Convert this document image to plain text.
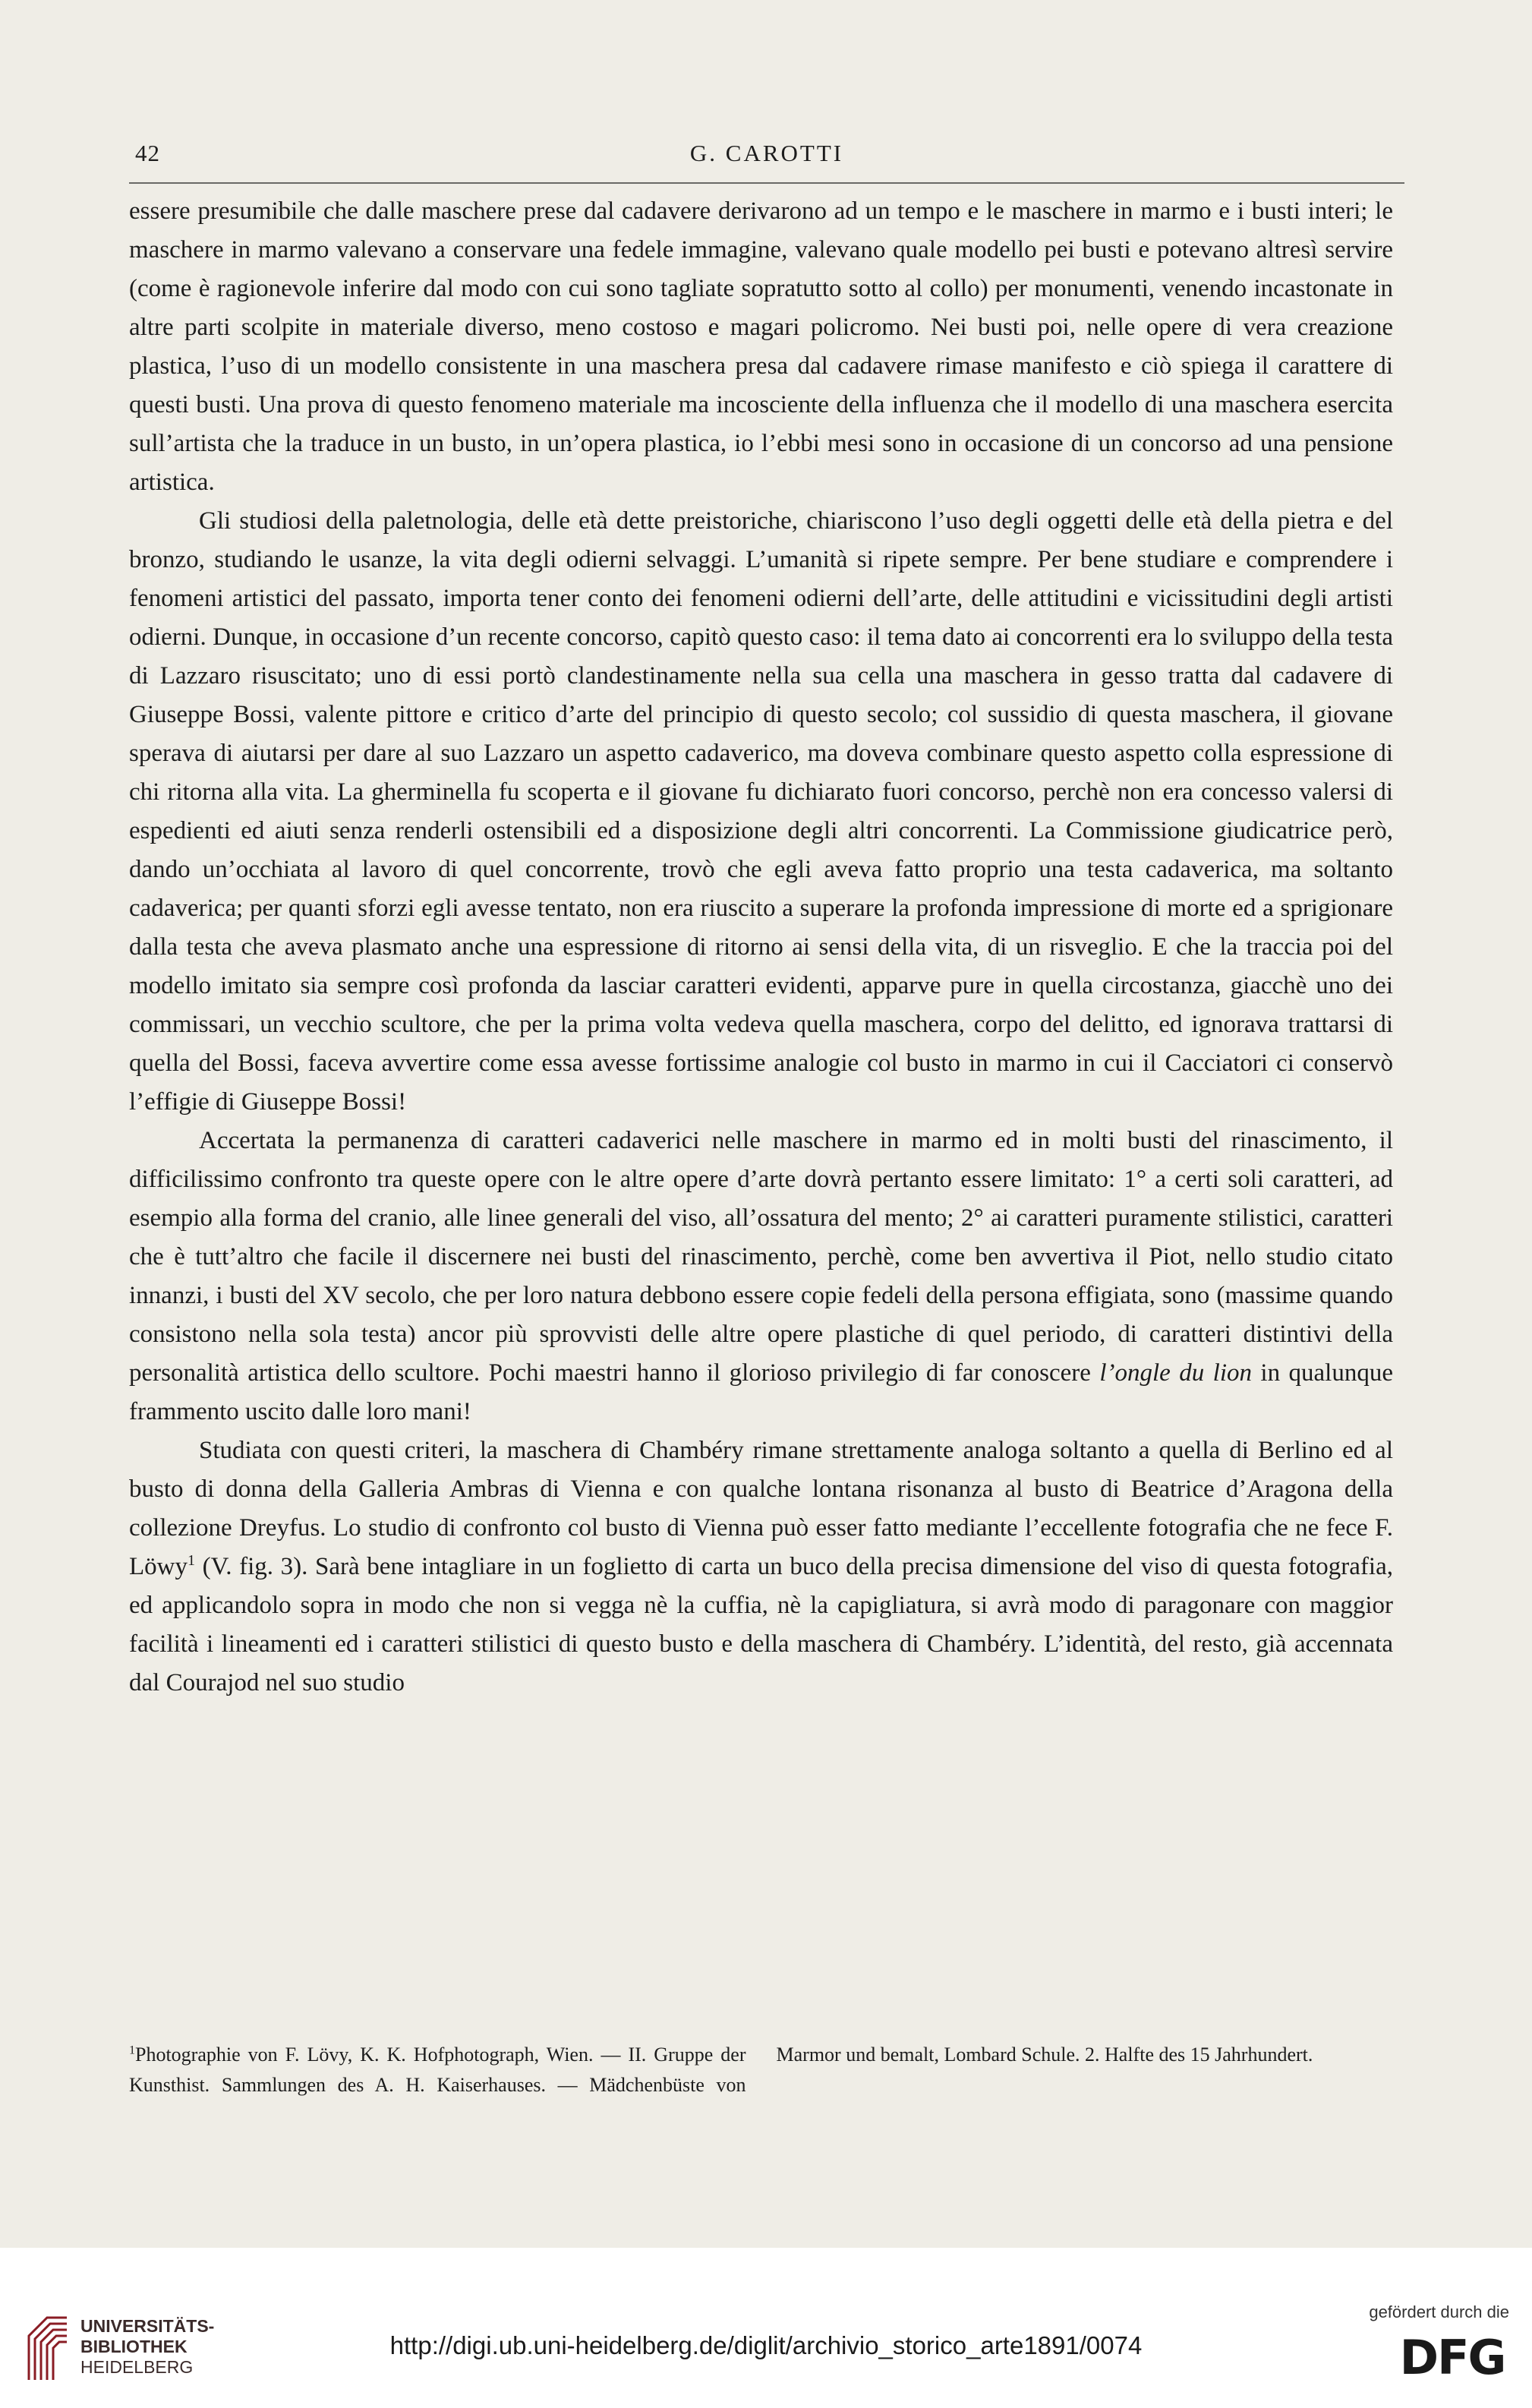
42	G. CAROTTI

essere presumibile che dalle maschere prese dal cadavere derivarono ad un tempo e le maschere in marmo e i busti interi; le maschere in marmo valevano a conservare una fedele immagine, valevano quale modello pei busti e potevano altresì servire (come è ragionevole inferire dal modo con cui sono tagliate sopratutto sotto al collo) per monumenti, venendo incastonate in altre parti scolpite in materiale diverso, meno costoso e magari policromo. Nei busti poi, nelle opere di vera creazione plastica, l’uso di un modello consistente in una maschera presa dal cadavere rimase manifesto e ciò spiega il carattere di questi busti. Una prova di questo fenomeno materiale ma incosciente della influenza che il modello di una maschera esercita sull’artista che la traduce in un busto, in un’opera plastica, io l’ebbi mesi sono in occasione di un concorso ad una pensione artistica.

Gli studiosi della paletnologia, delle età dette preistoriche, chiariscono l’uso degli oggetti delle età della pietra e del bronzo, studiando le usanze, la vita degli odierni selvaggi. L’umanità si ripete sempre. Per bene studiare e comprendere i fenomeni artistici del passato, importa tener conto dei fenomeni odierni dell’arte, delle attitudini e vicissitudini degli artisti odierni. Dunque, in occasione d’un recente concorso, capitò questo caso: il tema dato ai concorrenti era lo sviluppo della testa di Lazzaro risuscitato; uno di essi portò clandestinamente nella sua cella una maschera in gesso tratta dal cadavere di Giuseppe Bossi, valente pittore e critico d’arte del principio di questo secolo; col sussidio di questa maschera, il giovane sperava di aiutarsi per dare al suo Lazzaro un aspetto cadaverico, ma doveva combinare questo aspetto colla espressione di chi ritorna alla vita. La gherminella fu scoperta e il giovane fu dichiarato fuori concorso, perchè non era concesso valersi di espedienti ed aiuti senza renderli ostensibili ed a disposizione degli altri concorrenti. La Commissione giudicatrice però, dando un’occhiata al lavoro di quel concorrente, trovò che egli aveva fatto proprio una testa cadaverica, ma soltanto cadaverica; per quanti sforzi egli avesse tentato, non era riuscito a superare la profonda impressione di morte ed a sprigionare dalla testa che aveva plasmato anche una espressione di ritorno ai sensi della vita, di un risveglio. E che la traccia poi del modello imitato sia sempre così profonda da lasciar caratteri evidenti, apparve pure in quella circostanza, giacchè uno dei commissari, un vecchio scultore, che per la prima volta vedeva quella maschera, corpo del delitto, ed ignorava trattarsi di quella del Bossi, faceva avvertire come essa avesse fortissime analogie col busto in marmo in cui il Cacciatori ci conservò l’effigie di Giuseppe Bossi!

Accertata la permanenza di caratteri cadaverici nelle maschere in marmo ed in molti busti del rinascimento, il difficilissimo confronto tra queste opere con le altre opere d’arte dovrà pertanto essere limitato: 1° a certi soli caratteri, ad esempio alla forma del cranio, alle linee generali del viso, all’ossatura del mento; 2° ai caratteri puramente stilistici, caratteri che è tutt’altro che facile il discernere nei busti del rinascimento, perchè, come ben avvertiva il Piot, nello studio citato innanzi, i busti del XV secolo, che per loro natura debbono essere copie fedeli della persona effigiata, sono (massime quando consistono nella sola testa) ancor più sprovvisti delle altre opere plastiche di quel periodo, di caratteri distintivi della personalità artistica dello scultore. Pochi maestri hanno il glorioso privilegio di far conoscere l’ongle du lion in qualunque frammento uscito dalle loro mani!

Studiata con questi criteri, la maschera di Chambéry rimane strettamente analoga soltanto a quella di Berlino ed al busto di donna della Galleria Ambras di Vienna e con qualche lontana risonanza al busto di Beatrice d’Aragona della collezione Dreyfus. Lo studio di confronto col busto di Vienna può esser fatto mediante l’eccellente fotografia che ne fece F. Löwy$^1$ (V. fig. 3). Sarà bene intagliare in un foglietto di carta un buco della precisa dimensione del viso di questa fotografia, ed applicandolo sopra in modo che non si vegga nè la cuffia, nè la capigliatura, si avrà modo di paragonare con maggior facilità i lineamenti ed i caratteri stilistici di questo busto e della maschera di Chambéry. L’identità, del resto, già accennata dal Courajod nel suo studio

$^1$Photographie von F. Lövy, K. K. Hofphotograph, Wien. — II. Gruppe der Kunsthist. Sammlungen des A. H. Kaiserhauses. — Mädchenbüste von Marmor und bemalt, Lombard Schule. 2. Halfte des 15 Jahrhundert.
UNIVERSITÄTS-
BIBLIOTHEK
HEIDELBERG
http://digi.ub.uni-heidelberg.de/diglit/archivio_storico_arte1891/0074
gefördert durch die
DFG
